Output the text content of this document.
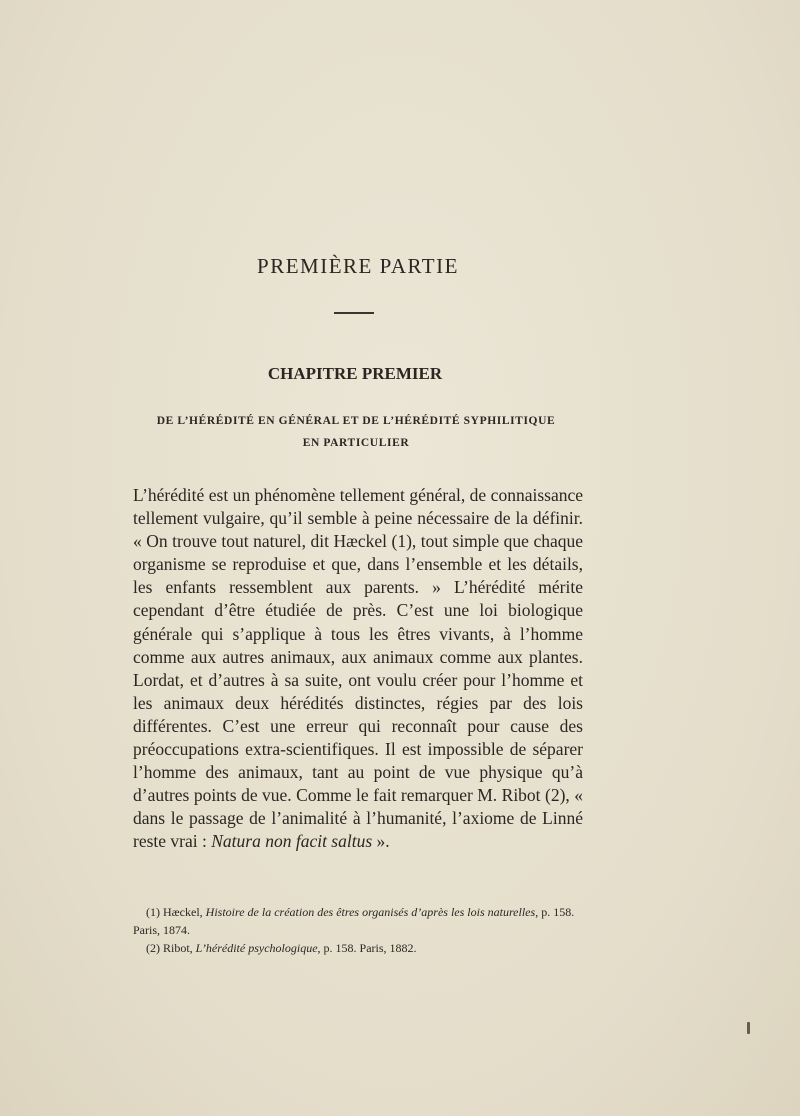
PREMIÈRE PARTIE
CHAPITRE PREMIER
DE L’HÉRÉDITÉ EN GÉNÉRAL ET DE L’HÉRÉDITÉ SYPHILITIQUE
EN PARTICULIER

L’hérédité est un phénomène tellement général, de connaissance tellement vulgaire, qu’il semble à peine nécessaire de la définir. « On trouve tout naturel, dit Hæckel (1), tout simple que chaque organisme se reproduise et que, dans l’ensemble et les détails, les enfants ressemblent aux parents. » L’hérédité mérite cependant d’être étudiée de près. C’est une loi biologique générale qui s’applique à tous les êtres vivants, à l’homme comme aux autres animaux, aux animaux comme aux plantes. Lordat, et d’autres à sa suite, ont voulu créer pour l’homme et les animaux deux hérédités distinctes, régies par des lois différentes. C’est une erreur qui reconnaît pour cause des préoccupations extra-scientifiques. Il est impossible de séparer l’homme des animaux, tant au point de vue physique qu’à d’autres points de vue. Comme le fait remarquer M. Ribot (2), « dans le passage de l’animalité à l’humanité, l’axiome de Linné reste vrai : Natura non facit saltus ».

(1) Hæckel, Histoire de la création des êtres organisés d’après les lois naturelles, p. 158. Paris, 1874.

(2) Ribot, L’hérédité psychologique, p. 158. Paris, 1882.
